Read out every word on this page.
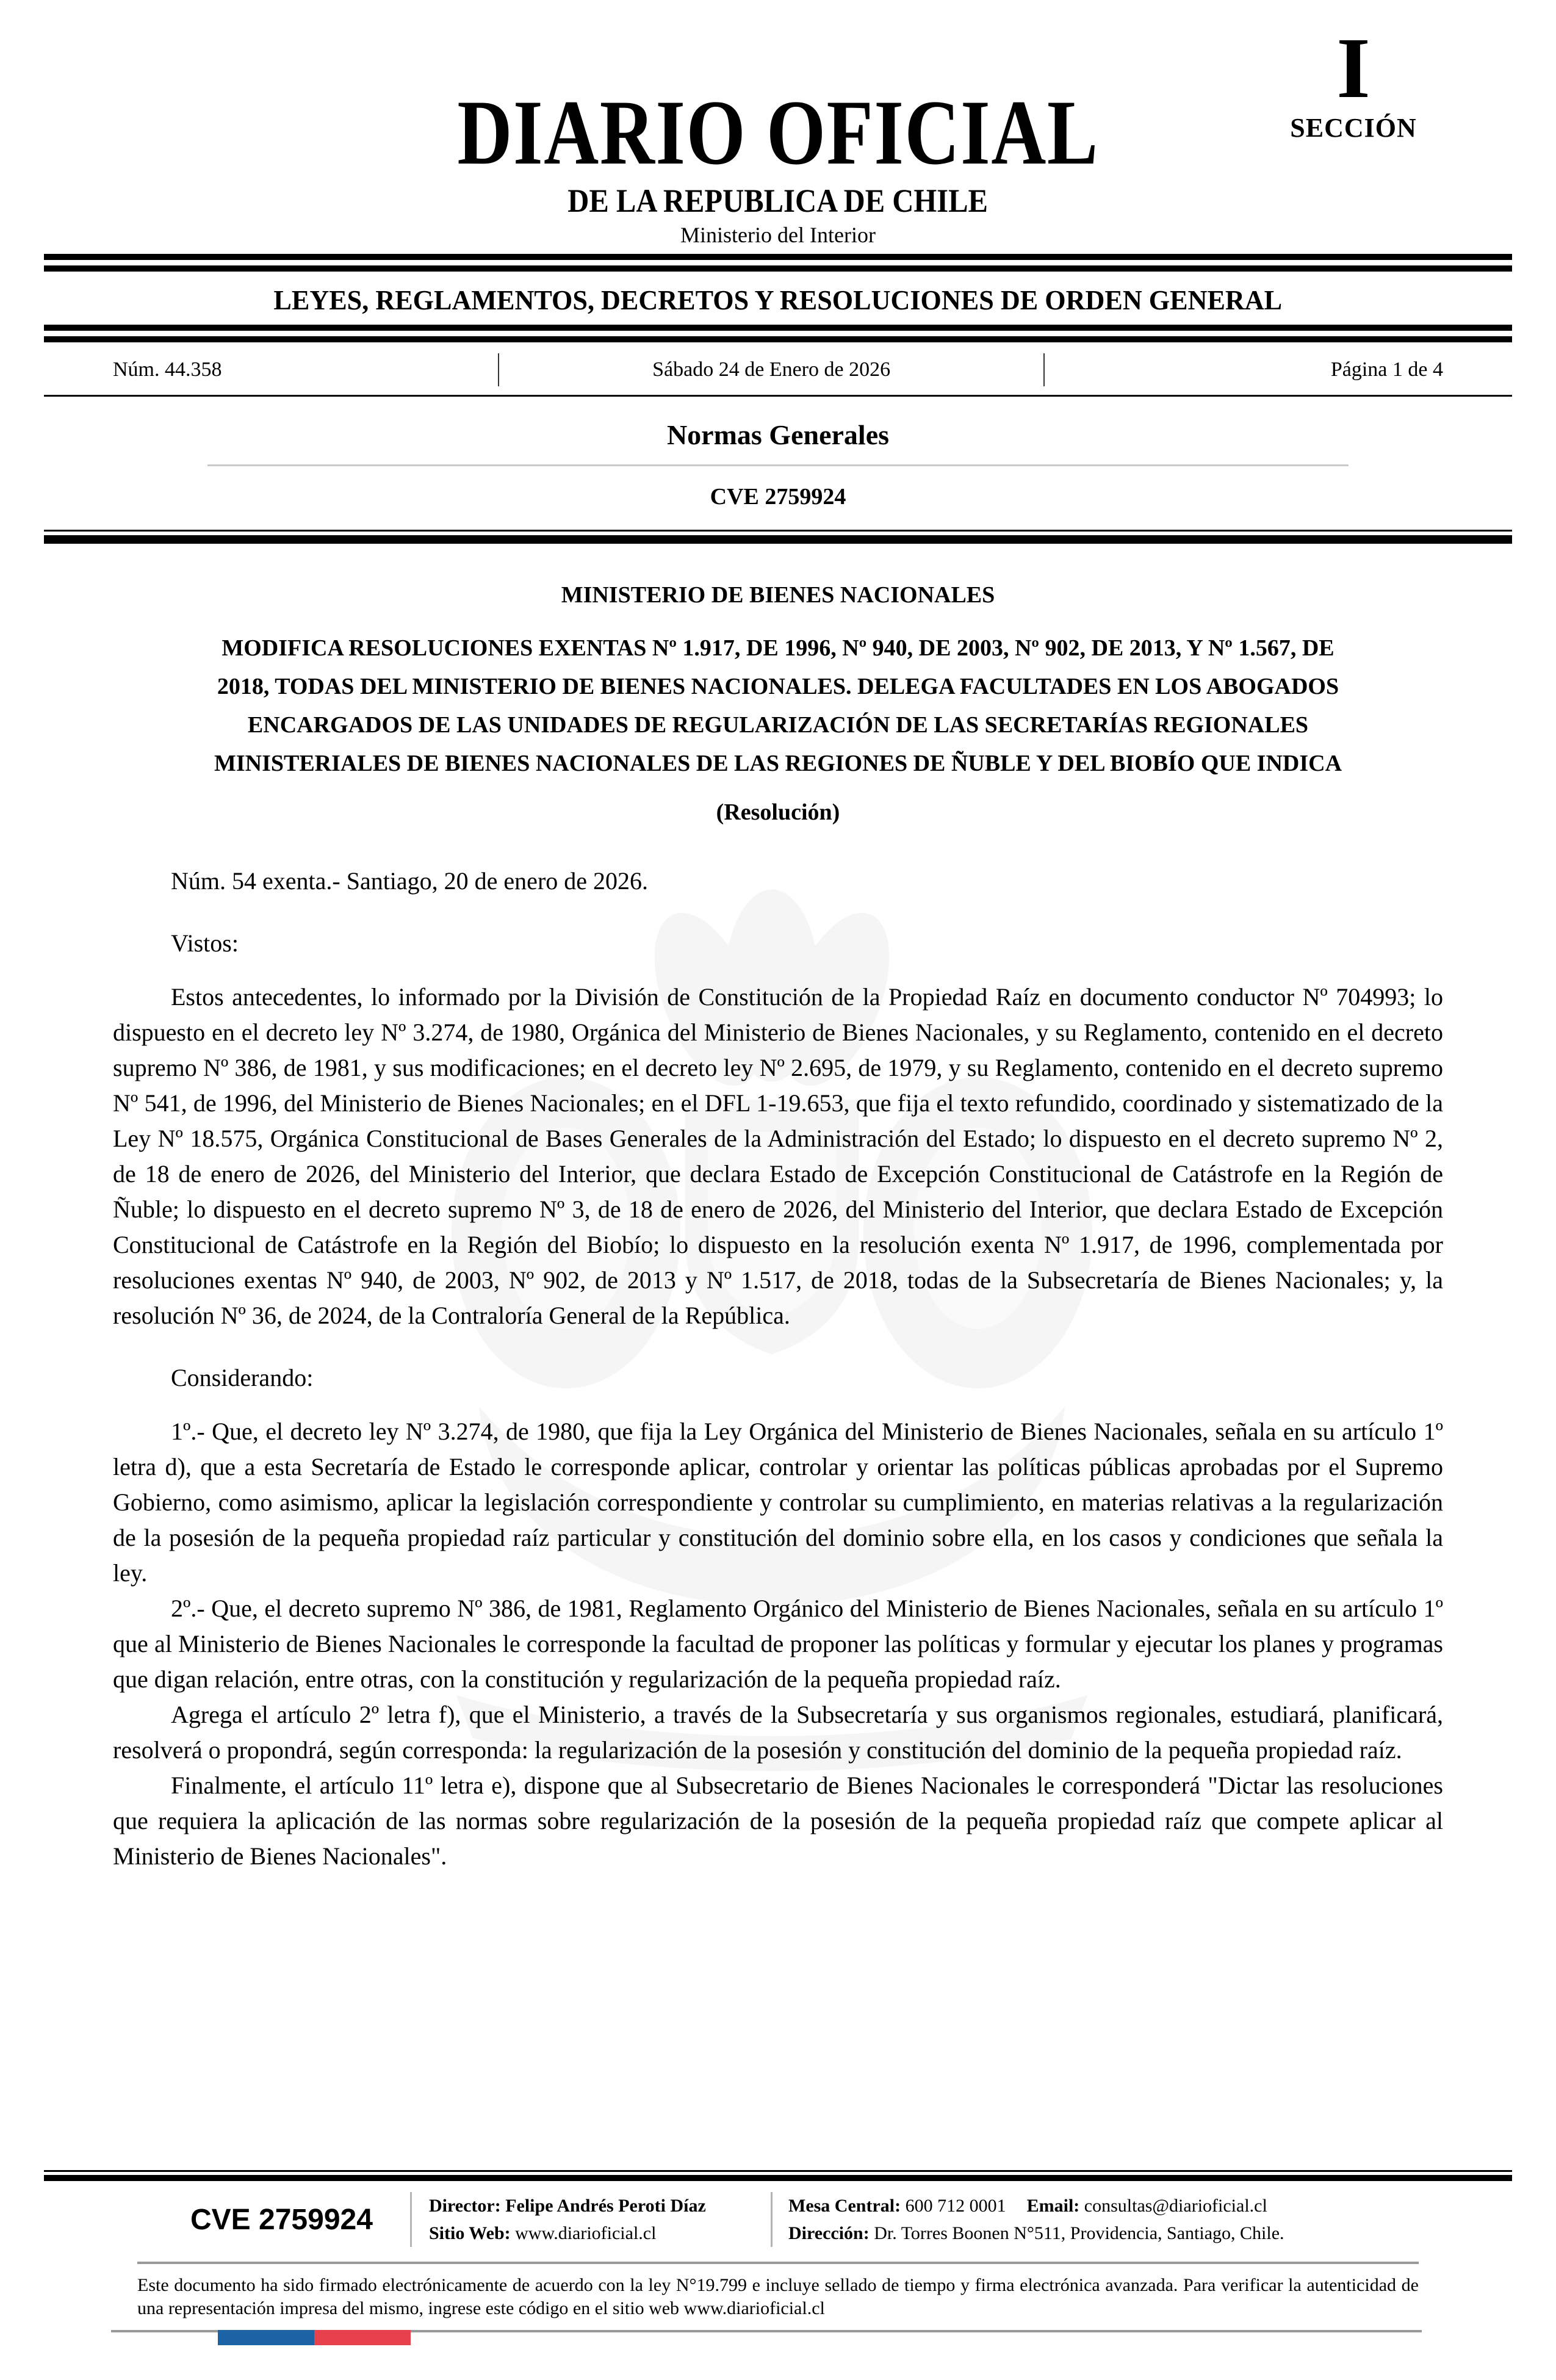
DIARIO OFICIAL
DE LA REPUBLICA DE CHILE
Ministerio del Interior
I
SECCIÓN
LEYES, REGLAMENTOS, DECRETOS Y RESOLUCIONES DE ORDEN GENERAL
Núm. 44.358	Sábado 24 de Enero de 2026	Página 1 de 4
Normas Generales
CVE 2759924
MINISTERIO DE BIENES NACIONALES
MODIFICA RESOLUCIONES EXENTAS Nº 1.917, DE 1996, Nº 940, DE 2003, Nº 902, DE 2013, Y Nº 1.567, DE 2018, TODAS DEL MINISTERIO DE BIENES NACIONALES. DELEGA FACULTADES EN LOS ABOGADOS ENCARGADOS DE LAS UNIDADES DE REGULARIZACIÓN DE LAS SECRETARÍAS REGIONALES MINISTERIALES DE BIENES NACIONALES DE LAS REGIONES DE ÑUBLE Y DEL BIOBÍO QUE INDICA
(Resolución)

Núm. 54 exenta.- Santiago, 20 de enero de 2026.

Vistos:

Estos antecedentes, lo informado por la División de Constitución de la Propiedad Raíz en documento conductor Nº 704993; lo dispuesto en el decreto ley Nº 3.274, de 1980, Orgánica del Ministerio de Bienes Nacionales, y su Reglamento, contenido en el decreto supremo Nº 386, de 1981, y sus modificaciones; en el decreto ley Nº 2.695, de 1979, y su Reglamento, contenido en el decreto supremo Nº 541, de 1996, del Ministerio de Bienes Nacionales; en el DFL 1-19.653, que fija el texto refundido, coordinado y sistematizado de la Ley Nº 18.575, Orgánica Constitucional de Bases Generales de la Administración del Estado; lo dispuesto en el decreto supremo Nº 2, de 18 de enero de 2026, del Ministerio del Interior, que declara Estado de Excepción Constitucional de Catástrofe en la Región de Ñuble; lo dispuesto en el decreto supremo Nº 3, de 18 de enero de 2026, del Ministerio del Interior, que declara Estado de Excepción Constitucional de Catástrofe en la Región del Biobío; lo dispuesto en la resolución exenta Nº 1.917, de 1996, complementada por resoluciones exentas Nº 940, de 2003, Nº 902, de 2013 y Nº 1.517, de 2018, todas de la Subsecretaría de Bienes Nacionales; y, la resolución Nº 36, de 2024, de la Contraloría General de la República.

Considerando:

1º.- Que, el decreto ley Nº 3.274, de 1980, que fija la Ley Orgánica del Ministerio de Bienes Nacionales, señala en su artículo 1º letra d), que a esta Secretaría de Estado le corresponde aplicar, controlar y orientar las políticas públicas aprobadas por el Supremo Gobierno, como asimismo, aplicar la legislación correspondiente y controlar su cumplimiento, en materias relativas a la regularización de la posesión de la pequeña propiedad raíz particular y constitución del dominio sobre ella, en los casos y condiciones que señala la ley.

2º.- Que, el decreto supremo Nº 386, de 1981, Reglamento Orgánico del Ministerio de Bienes Nacionales, señala en su artículo 1º que al Ministerio de Bienes Nacionales le corresponde la facultad de proponer las políticas y formular y ejecutar los planes y programas que digan relación, entre otras, con la constitución y regularización de la pequeña propiedad raíz.

Agrega el artículo 2º letra f), que el Ministerio, a través de la Subsecretaría y sus organismos regionales, estudiará, planificará, resolverá o propondrá, según corresponda: la regularización de la posesión y constitución del dominio de la pequeña propiedad raíz.

Finalmente, el artículo 11º letra e), dispone que al Subsecretario de Bienes Nacionales le corresponderá "Dictar las resoluciones que requiera la aplicación de las normas sobre regularización de la posesión de la pequeña propiedad raíz que compete aplicar al Ministerio de Bienes Nacionales".

CVE 2759924	Director: Felipe Andrés Peroti Díaz
Sitio Web: www.diarioficial.cl
Mesa Central: 600 712 0001 Email: consultas@diarioficial.cl
Dirección: Dr. Torres Boonen N°511, Providencia, Santiago, Chile.
Este documento ha sido firmado electrónicamente de acuerdo con la ley N°19.799 e incluye sellado de tiempo y firma electrónica avanzada. Para verificar la autenticidad de una representación impresa del mismo, ingrese este código en el sitio web www.diarioficial.cl
